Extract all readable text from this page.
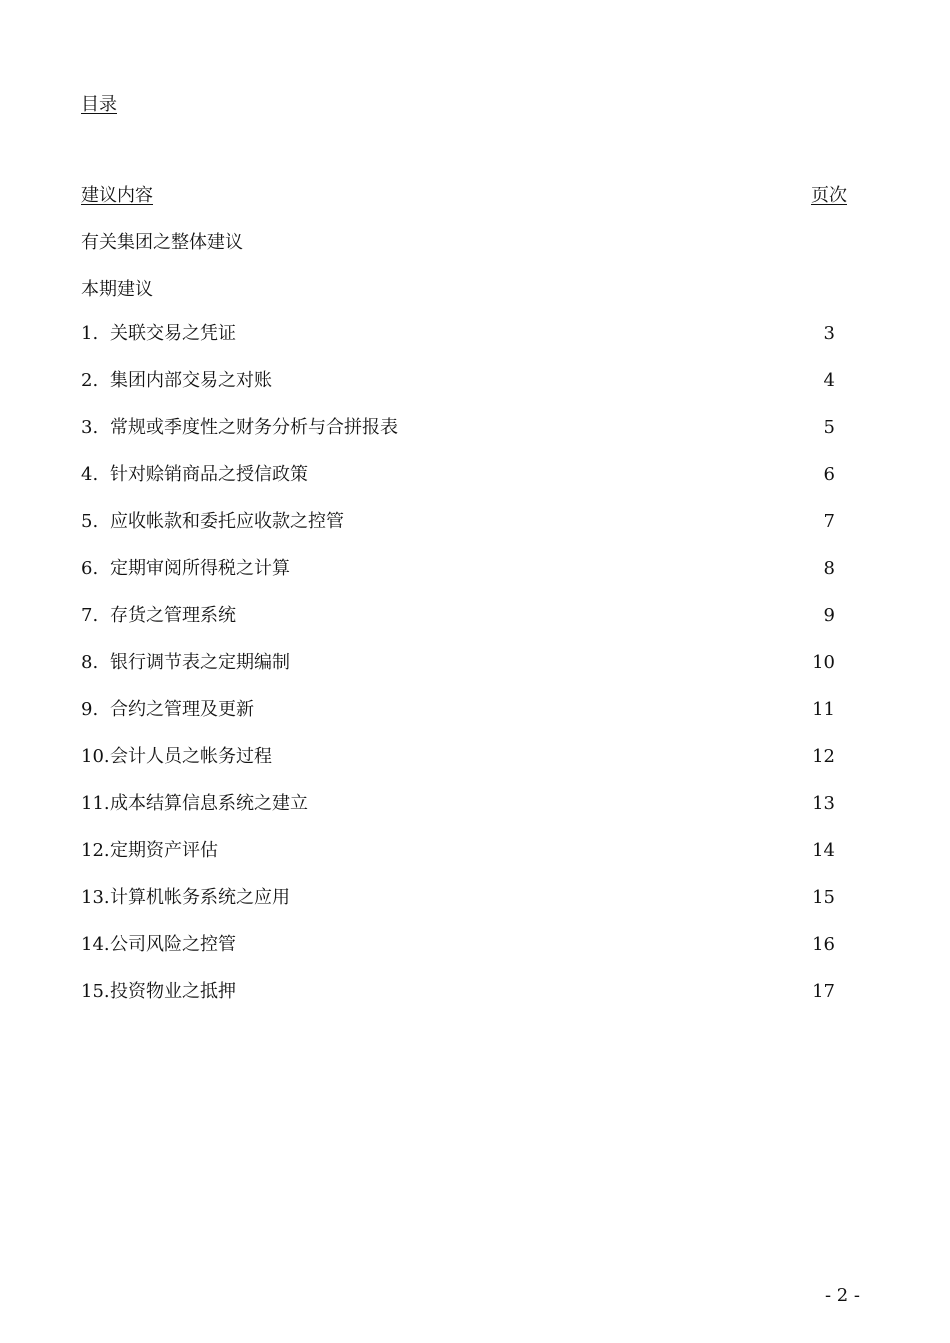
目录
建议内容	页次
有关集团之整体建议
本期建议
1. 关联交易之凭证	3
2. 集团内部交易之对账	4
3. 常规或季度性之财务分析与合拼报表	5
4. 针对赊销商品之授信政策	6
5. 应收帐款和委托应收款之控管	7
6. 定期审阅所得税之计算	8
7. 存货之管理系统	9
8. 银行调节表之定期编制	10
9. 合约之管理及更新	11
10. 会计人员之帐务过程	12
11. 成本结算信息系统之建立	13
12. 定期资产评估	14
13. 计算机帐务系统之应用	15
14. 公司风险之控管	16
15. 投资物业之抵押	17
- 2 -
